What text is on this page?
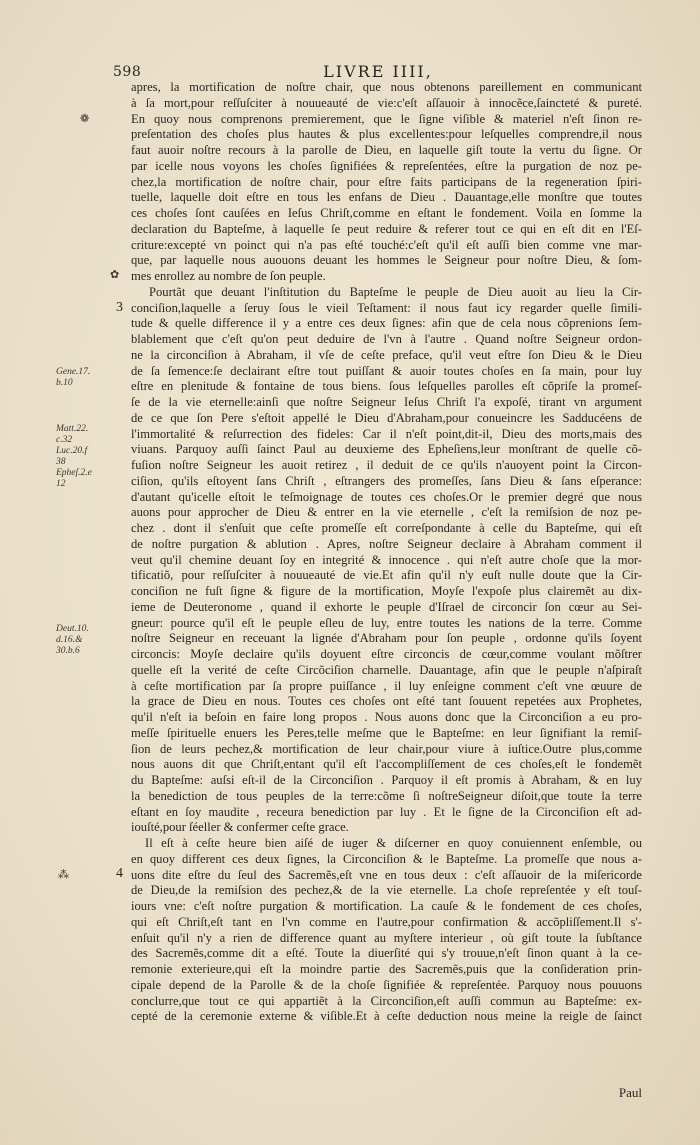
598	LIVRE IIII,
❁
✿
⁂
3
4
Gene.17.
b.10
Matt.22.
c.32
Luc.20.f
38
Epheſ.2.e
12
Deut.10.
d.16.&
30.b.6
apres, la mortification de noſtre chair, que nous obtenons pareillement en communicant
à ſa mort,pour reſſuſciter à nouueauté de vie:c'eſt aſſauoir à innocẽce,ſaincteté & pureté.
En quoy nous comprenons premierement, que le ſigne viſible & materiel n'eſt ſinon re-
preſentation des choſes plus hautes & plus excellentes:pour leſquelles comprendre,il nous
faut auoir noſtre recours à la parolle de Dieu, en laquelle giſt toute la vertu du ſigne. Or
par icelle nous voyons les choſes ſignifiées & repreſentées, eſtre la purgation de noz pe-
chez,la mortification de noſtre chair, pour eſtre faits participans de la regeneration ſpiri-
tuelle, laquelle doit eſtre en tous les enfans de Dieu . Dauantage,elle monſtre que toutes
ces choſes ſont cauſées en Ieſus Chriſt,comme en eſtant le fondement. Voila en ſomme la
declaration du Bapteſme, à laquelle ſe peut reduire & referer tout ce qui en eſt dit en l'Eſ-
criture:excepté vn poinct qui n'a pas eſté touché:c'eſt qu'il eſt auſſi bien comme vne mar-
que, par laquelle nous auouons deuant les hommes le Seigneur pour noſtre Dieu, & ſom-
mes enrollez au nombre de ſon peuple.
Pourtãt que deuant l'inſtitution du Bapteſme le peuple de Dieu auoit au lieu la Cir-
conciſion,laquelle a ſeruy ſous le vieil Teſtament: il nous faut icy regarder quelle ſimili-
tude & quelle difference il y a entre ces deux ſignes: afin que de cela nous cõprenions ſem-
blablement que c'eſt qu'on peut deduire de l'vn à l'autre . Quand noſtre Seigneur ordon-
ne la circonciſion à Abraham, il vſe de ceſte preface, qu'il veut eſtre ſon Dieu & le Dieu
de ſa ſemence:ſe declairant eſtre tout puiſſant & auoir toutes choſes en ſa main, pour luy
eſtre en plenitude & fontaine de tous biens. ſous leſquelles parolles eſt cõpriſe la promeſ-
ſe de la vie eternelle:ainſi que noſtre Seigneur Ieſus Chriſt l'a expoſé, tirant vn argument
de ce que ſon Pere s'eſtoit appellé le Dieu d'Abraham,pour conueincre les Sadducéens de
l'immortalité & reſurrection des fideles: Car il n'eſt point,dit-il, Dieu des morts,mais des
viuans. Parquoy auſſi ſainct Paul au deuxieme des Epheſiens,leur monſtrant de quelle cõ-
fuſion noſtre Seigneur les auoit retirez , il deduit de ce qu'ils n'auoyent point la Circon-
ciſion, qu'ils eſtoyent ſans Chriſt , eſtrangers des promeſſes, ſans Dieu & ſans eſperance:
d'autant qu'icelle eſtoit le teſmoignage de toutes ces choſes.Or le premier degré que nous
auons pour approcher de Dieu & entrer en la vie eternelle , c'eſt la remiſsion de noz pe-
chez . dont il s'enſuit que ceſte promeſſe eſt correſpondante à celle du Bapteſme, qui eſt
de noſtre purgation & ablution . Apres, noſtre Seigneur declaire à Abraham comment il
veut qu'il chemine deuant ſoy en integrité & innocence . qui n'eſt autre choſe que la mor-
tificatiõ, pour reſſuſciter à nouueauté de vie.Et afin qu'il n'y euſt nulle doute que la Cir-
conciſion ne fuſt ſigne & figure de la mortification, Moyſe l'expoſe plus clairemẽt au dix-
ieme de Deuteronome , quand il exhorte le peuple d'Iſrael de circoncir ſon cœur au Sei-
gneur: pource qu'il eſt le peuple eſleu de luy, entre toutes les nations de la terre. Comme
noſtre Seigneur en receuant la lignée d'Abraham pour ſon peuple , ordonne qu'ils ſoyent
circoncis: Moyſe declaire qu'ils doyuent eſtre circoncis de cœur,comme voulant mõſtrer
quelle eſt la verité de ceſte Circõciſion charnelle. Dauantage, afin que le peuple n'aſpiraſt
à ceſte mortification par ſa propre puiſſance , il luy enſeigne comment c'eſt vne œuure de
la grace de Dieu en nous. Toutes ces choſes ont eſté tant ſouuent repetées aux Prophetes,
qu'il n'eſt ia beſoin en faire long propos . Nous auons donc que la Circonciſion a eu pro-
meſſe ſpirituelle enuers les Peres,telle meſme que le Bapteſme: en leur ſignifiant la remiſ-
ſion de leurs pechez,& mortification de leur chair,pour viure à iuſtice.Outre plus,comme
nous auons dit que Chriſt,entant qu'il eſt l'accompliſſement de ces choſes,eſt le fondemẽt
du Bapteſme: auſsi eſt-il de la Circonciſion . Parquoy il eſt promis à Abraham, & en luy
la benediction de tous peuples de la terre:cõme ſi noſtreSeigneur diſoit,que toute la terre
eſtant en ſoy maudite , receura benediction par luy . Et le ſigne de la Circonciſion eſt ad-
iouſté,pour ſéeller & confermer ceſte grace.
Il eſt à ceſte heure bien aiſé de iuger & diſcerner en quoy conuiennent enſemble, ou
en quoy different ces deux ſignes, la Circonciſion & le Bapteſme. La promeſſe que nous a-
uons dite eſtre du ſeul des Sacremẽs,eſt vne en tous deux : c'eſt aſſauoir de la miſericorde
de Dieu,de la remiſsion des pechez,& de la vie eternelle. La choſe repreſentée y eſt touſ-
iours vne: c'eſt noſtre purgation & mortification. La cauſe & le fondement de ces choſes,
qui eſt Chriſt,eſt tant en l'vn comme en l'autre,pour confirmation & accõpliſſement.Il s'-
enſuit qu'il n'y a rien de difference quant au myſtere interieur , où giſt toute la ſubſtance
des Sacremẽs,comme dit a eſté. Toute la diuerſité qui s'y trouue,n'eſt ſinon quant à la ce-
remonie exterieure,qui eſt la moindre partie des Sacremẽs,puis que la conſideration prin-
cipale depend de la Parolle & de la choſe ſignifiée & repreſentée. Parquoy nous pouuons
conclurre,que tout ce qui appartiẽt à la Circonciſion,eſt auſſi commun au Bapteſme: ex-
cepté de la ceremonie externe & viſible.Et à ceſte deduction nous meine la reigle de ſainct
Paul
